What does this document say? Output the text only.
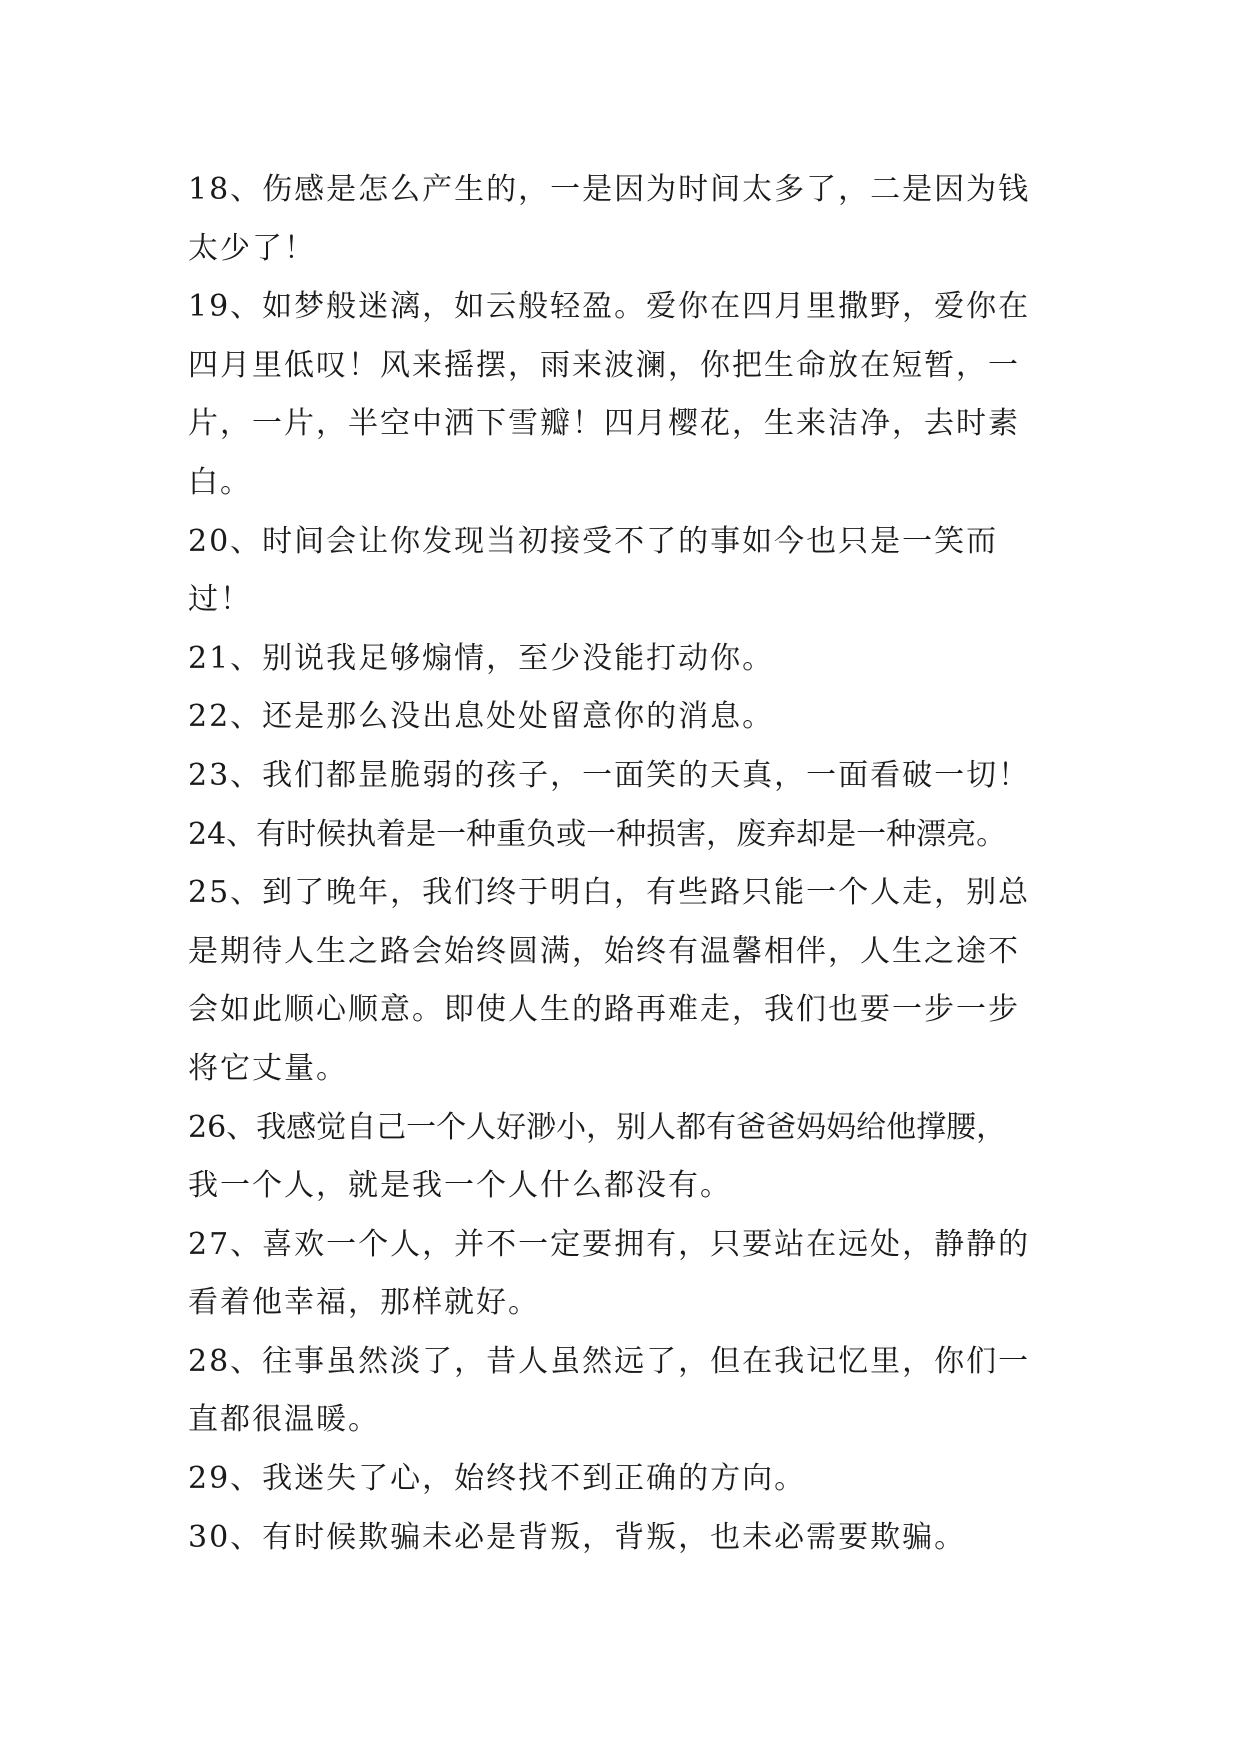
18、伤感是怎么产生的，一是因为时间太多了，二是因为钱
太少了！
19、如梦般迷漓，如云般轻盈。爱你在四月里撒野，爱你在
四月里低叹！风来摇摆，雨来波澜，你把生命放在短暂，一
片，一片，半空中洒下雪瓣！四月樱花，生来洁净，去时素
白。
20、时间会让你发现当初接受不了的事如今也只是一笑而
过！
21、别说我足够煽情，至少没能打动你。
22、还是那么没出息处处留意你的消息。
23、我们都昰脆弱的孩子，一面笑的天真，一面看破一切！
24、有时候执着是一种重负或一种损害，废弃却是一种漂亮。
25、到了晚年，我们终于明白，有些路只能一个人走，别总
是期待人生之路会始终圆满，始终有温馨相伴，人生之途不
会如此顺心顺意。即使人生的路再难走，我们也要一步一步
将它丈量。
26、我感觉自己一个人好渺小，别人都有爸爸妈妈给他撑腰，
我一个人，就是我一个人什么都没有。
27、喜欢一个人，并不一定要拥有，只要站在远处，静静的
看着他幸福，那样就好。
28、往事虽然淡了，昔人虽然远了，但在我记忆里，你们一
直都很温暖。
29、我迷失了心，始终找不到正确的方向。
30、有时候欺骗未必是背叛，背叛，也未必需要欺骗。
